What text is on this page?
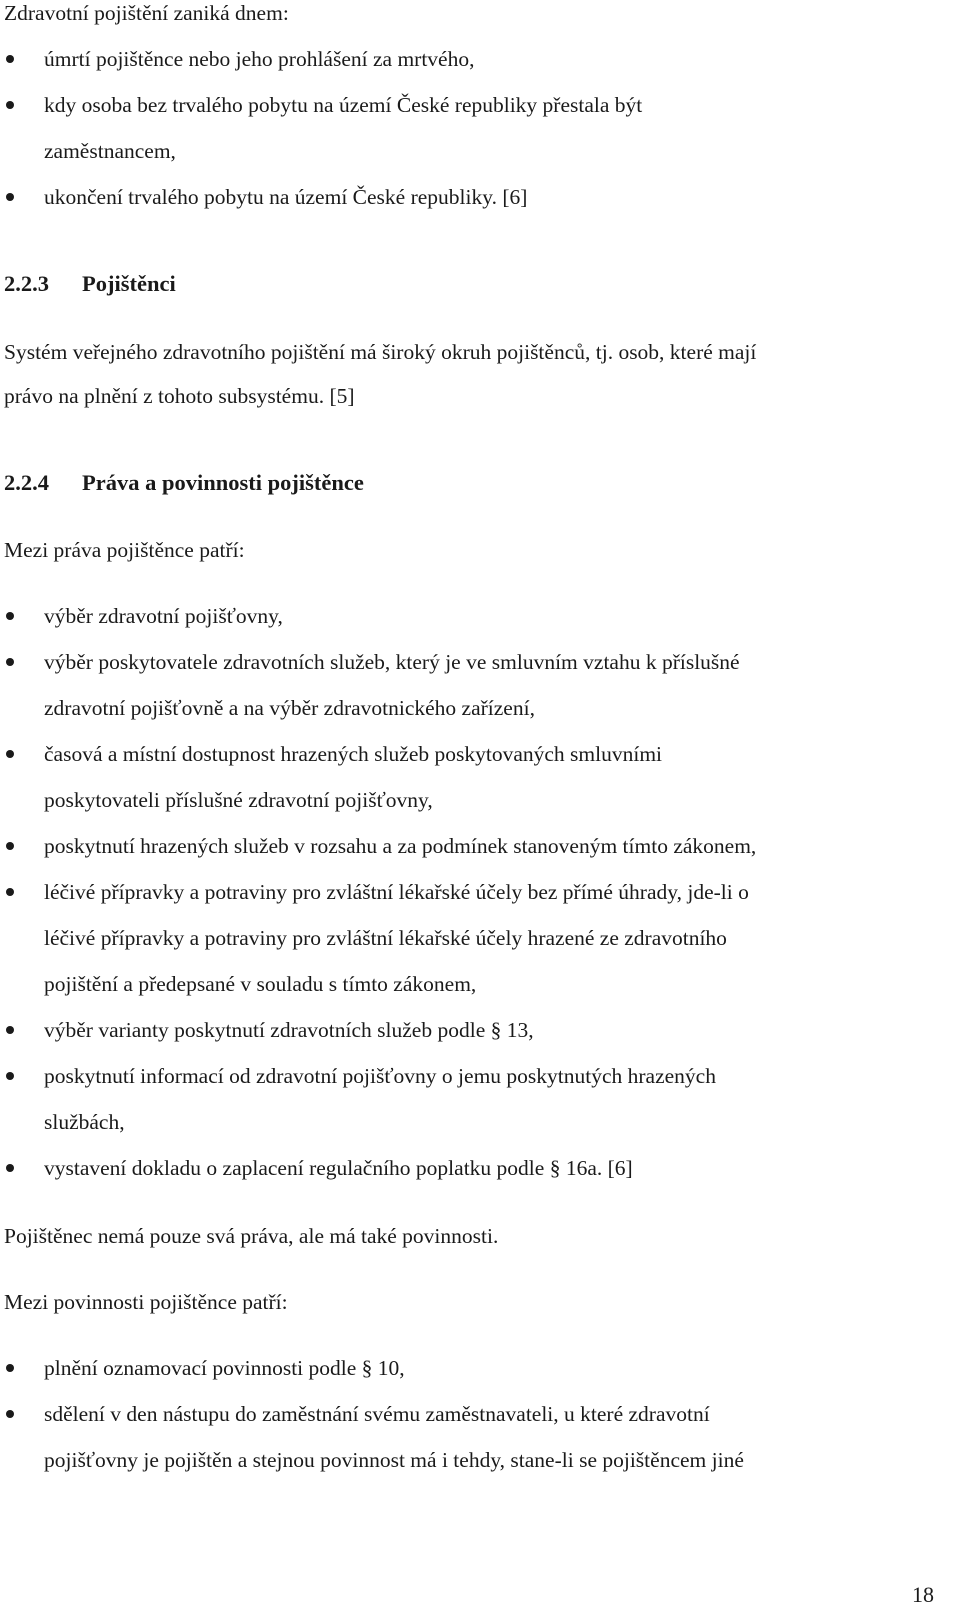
Zdravotní pojištění zaniká dnem:

úmrtí pojištěnce nebo jeho prohlášení za mrtvého,
kdy osoba bez trvalého pobytu na území České republiky přestala být
zaměstnancem,
ukončení trvalého pobytu na území České republiky. [6]
2.2.3 Pojištěnci

Systém veřejného zdravotního pojištění má široký okruh pojištěnců, tj. osob, které mají

právo na plnění z tohoto subsystému. [5]

2.2.4 Práva a povinnosti pojištěnce

Mezi práva pojištěnce patří:

výběr zdravotní pojišťovny,
výběr poskytovatele zdravotních služeb, který je ve smluvním vztahu k příslušné
zdravotní pojišťovně a na výběr zdravotnického zařízení,
časová a místní dostupnost hrazených služeb poskytovaných smluvními
poskytovateli příslušné zdravotní pojišťovny,
poskytnutí hrazených služeb v rozsahu a za podmínek stanoveným tímto zákonem,
léčivé přípravky a potraviny pro zvláštní lékařské účely bez přímé úhrady, jde-li o
léčivé přípravky a potraviny pro zvláštní lékařské účely hrazené ze zdravotního
pojištění a předepsané v souladu s tímto zákonem,
výběr varianty poskytnutí zdravotních služeb podle § 13,
poskytnutí informací od zdravotní pojišťovny o jemu poskytnutých hrazených
službách,
vystavení dokladu o zaplacení regulačního poplatku podle § 16a. [6]

Pojištěnec nemá pouze svá práva, ale má také povinnosti.

Mezi povinnosti pojištěnce patří:

plnění oznamovací povinnosti podle § 10,
sdělení v den nástupu do zaměstnání svému zaměstnavateli, u které zdravotní
pojišťovny je pojištěn a stejnou povinnost má i tehdy, stane-li se pojištěncem jiné
18
